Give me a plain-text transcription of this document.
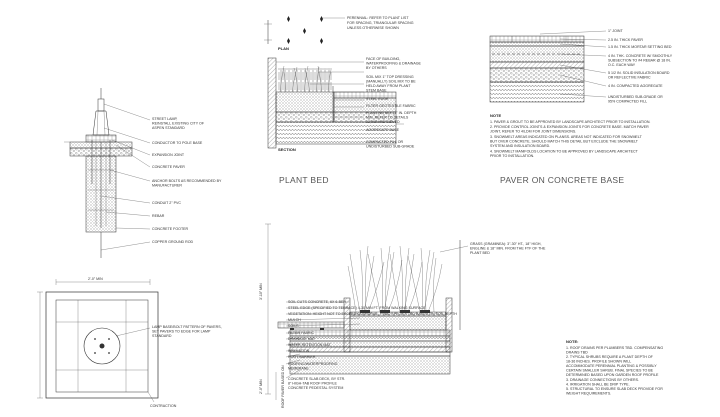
PLAN
PERENNIAL: REFER TO PLANT LIST
FOR SPACING, TRIANGULAR SPACING
UNLESS OTHERWISE SHOWN
SECTION
FACE OF BUILDING,
WATERPROOFING & DRAINAGE
BY OTHERS
SOIL MIX 1" TOP DRESSING
(MANUALLY) SOIL MIX TO BE
HELD AWAY FROM PLANT
STEM BASE
STEEL EDGE
FILTER GEOTEXTILE FABRIC
PLANTING MIX 12" IN. DEPTH
MIN. REFER TO DETAILS
12,000 AND SIEVED
AGGREGATE BASE
COMPACTED FILL OR
UNDISTURBED SUB-GRADE
PLANT BED
1" JOINT
2.5 IN. THICK PAVER
1.5 IN. THICK MORTAR SETTING BED
4 IN. THK. CONCRETE W/ SMOOTHLY
SUBSECTION TO #4 REBAR @ 18 IN.
O.C. EACH WAY
5 1/2 IN. SOLID INSULATION BOARD
OR REFLECTIVE FABRIC
4 IN. COMPACTED AGGREGATE
UNDISTURBED SUB-GRADE OR
95% COMPACTED FILL
NOTE
1. PAVER & GROUT TO BE APPROVED BY LANDSCAPE ARCHITECT PRIOR TO INSTALLATION.
2. PROVIDE CONTROL JOINTS & EXPANSION JOINTS FOR CONCRETE BASE. MATCH PAVER
JOINT, REFER TO 4/LDM FOR JOINT DIMENSIONS.
3. SNOWMELT AREAS INDICATED ON PLANSS. AREAS NOT INDICATED FOR SNOWMELT
BUT OVER CONCRETE, SHOULD MATCH THIS DETAIL BUT EXCLUDE THE SNOWMELT
SYSTEM AND INSULATION BOARD.
4. SNOWMELT MANIFOLDS LOCATION TO BE APPROVED BY LANDSCAPE ARCHITECT
PRIOR TO INSTALLATION.
PAVER ON CONCRETE BASE
STREET LAMP,
REINSTALL EXISTING CITY OF
ASPEN STANDARD
CONDUCTOR TO POLE BASE
EXPANSION JOINT
CONCRETE PAVER
ANCHOR BOLTS AS RECOMMENDED BY
MANUFACTURER
CONDUIT 2" PVC
REBAR
CONCRETE FOOTER
COPPER GROUND ROD
2'-0" MIN
LAMP BASE/BOLT PATTERN OF PAVERS,
SET PAVERS TO EDGE FOR LAMP
STANDARD
CONTRACTION
3'-10" MIN
2'-0" MIN	ROOF PAVER BASED ON
GRASS (GRAMINEA): 3"-30" HT., 18" HIGH,
ENGLINE & 18" MIN. FROM THE FTF OF THE
PLANT BED
SOIL CUTS CONCRETE, 6X 6-BEH
STEEL EDGE (SPECIFIED TO TERRACE) 4-30 MIN FT. FROM WALKING SURFACE
VEGETATION: HEIGHT NOT TO EXCEED GUARDRAIL, FINAL SPECIES TBD BASED ON SOIL DEPTH
MULCH
SOILS
FILTER FABRIC
DRAINAGE MAT
WATER RETENTION MAT
INSULATION
ROOT BARRIER
ROOFING/WATERPROOFING
MEMBRANE
CONCRETE SLAB DECK, BY STR.
8" HIGH-TAB ROOF PROFILE
CONCRETE PEDESTAL SYSTEM
NOTE:
1. ROOF DRAINS PER PLUMBERS TBD. COMPENSATING
DRAINS TBD
2. TYPICAL SHRUBS REQUIRE A PLANT DEPTH OF
18-36 INCHES. PROFILE SHOWN WILL
ACCOMMODATE PERENNIAL PLANTING & POSSIBLY
CERTAIN SMALLER SHRUB. FINAL SPECIES TO BE
DETERMINED BASED UPON GARDEN ROOF PROFILE
3. DRAINAGE CONNECTIONS BY OTHERS.
4. IRRIGATION SHALL BE DRIP TYPE.
5. STRUCTURAL TO ENSURE SLAB DECK PROVIDE FOR
WEIGHT REQUIREMENTS.
